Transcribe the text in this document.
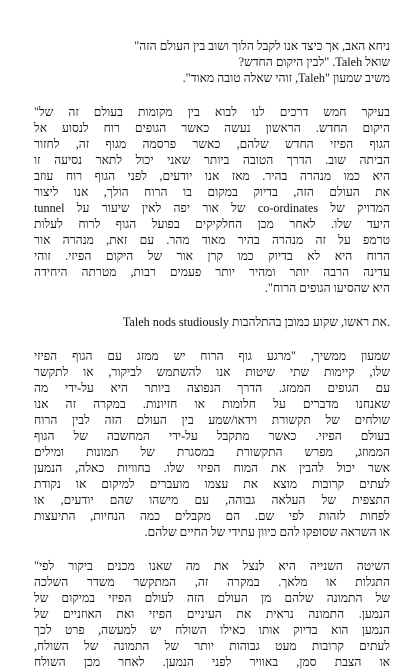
ניחא האב, אך כיצד אנו לקבל הלוך ושוב בין העולם הזה"
שואל Taleh. "לבין היקום החדש?
משיב שמעון "Taleh, זוהי שאלה טובה מאוד".
בעיקר חמש דרכים לנו לבוא בין מקומות בעולם זה של"
היקום החדש. הראשון נעשה כאשר הגופים רוח לנסוע אל
הגוף הפיזי החדש שלהם, כאשר פרסמה מגוף זה, לחזור
הביתה שוב. הדרך הטובה ביותר שאני יכול לתאר נסיעה זו
היא כמו מנהרה בהיר. מאז אנו יודעים, לפני הגוף רוח עוזב
את העולם הזה, בדיוק במקום בו הרוח הולך, אנו ליצור
המדויק של co-ordinates של אור יפה לאין שיעור על tunnel
היעד שלו. לאחר מכן החלקיקים בפועל הגוף לרוח לעלות
טרמפ על זה מנהרה בהיר מאוד מהר. עם זאת, מנהרה אור
הרוח היא לא בדיוק כמו קרן אור של היקום הפיזי. זוהי
עדינה הרבה יותר ומהיר יותר פעמים רבות, מטרתה היחידה
היא שהסיעו הגופים הרוח".
Taleh nods studiously את ראשו, שקוע כמובן בהתלהבות.
שמעון ממשיך, "מרגע גוף הרוח יש ממזג עם הגוף הפיזי
שלו, קיימות שתי שיטות אנו להשתמש לביקור, או לתקשר
עם הגופים הממזג. הדרך הנפוצה ביותר היא על-ידי מה
שאנחנו מדברים על חלומות או חזיונות. במקרה זה אנו
שולחים של תקשורת וידאו/שמע בין העולם הזה לבין הרוח
בעולם הפיזי. כאשר מתקבל על-ידי המחשבה של הגוף
הממוזג, מפרש התקשורת במסגרת של תמונות ומילים
אשר יכול להבין את המוח הפיזי שלו. בחוויות כאלה, הנמען
לעתים קרובות מוצא את עצמו מועברים למיקום או נקודת
התצפית של העלאה גבוהה, עם מישהו שהם יודעים, או
לפחות לזהות לפי שם. הם מקבלים כמה הנחיות, התיעצות
או השראה שסופקו להם כיוון עתידי של החיים שלהם.
השיטה השנייה היא לנצל את מה שאנו מכנים ביקור לפי"
התגלות או מלאך. במקרה זה, המתקשר משדר השלכה
של התמונה שלהם מן העולם הזה לעולם הפיזי במיקום של
הנמען. התמונה נראית את העיניים הפיזי ואת האוזניים של
הנמען הוא בדיוק אותו כאילו השולח יש למעשה, פרט לכך
לעתים קרובות מעט גבוהות יותר של התמונה של השולח,
או הצבת סמן, באוויר לפני הנמען. לאחר מכן השולח
